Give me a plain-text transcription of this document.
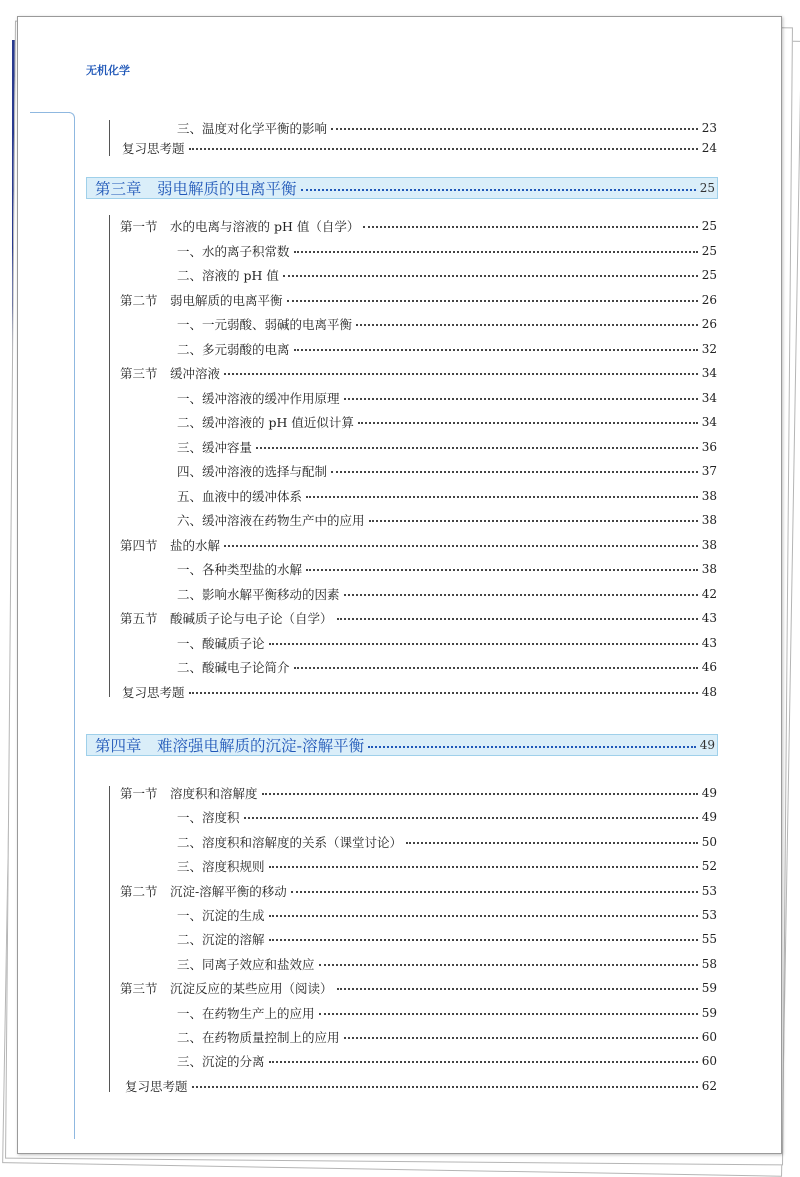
无机化学
三、温度对化学平衡的影响	23
复习思考题	24
第三章　弱电解质的电离平衡	25
第一节　水的电离与溶液的 pH 值（自学）	25
一、水的离子积常数	25
二、溶液的 pH 值	25
第二节　弱电解质的电离平衡	26
一、一元弱酸、弱碱的电离平衡	26
二、多元弱酸的电离	32
第三节　缓冲溶液	34
一、缓冲溶液的缓冲作用原理	34
二、缓冲溶液的 pH 值近似计算	34
三、缓冲容量	36
四、缓冲溶液的选择与配制	37
五、血液中的缓冲体系	38
六、缓冲溶液在药物生产中的应用	38
第四节　盐的水解	38
一、各种类型盐的水解	38
二、影响水解平衡移动的因素	42
第五节　酸碱质子论与电子论（自学）	43
一、酸碱质子论	43
二、酸碱电子论简介	46
复习思考题	48
第四章　难溶强电解质的沉淀-溶解平衡	49
第一节　溶度积和溶解度	49
一、溶度积	49
二、溶度积和溶解度的关系（课堂讨论）	50
三、溶度积规则	52
第二节　沉淀-溶解平衡的移动	53
一、沉淀的生成	53
二、沉淀的溶解	55
三、同离子效应和盐效应	58
第三节　沉淀反应的某些应用（阅读）	59
一、在药物生产上的应用	59
二、在药物质量控制上的应用	60
三、沉淀的分离	60
复习思考题	62
